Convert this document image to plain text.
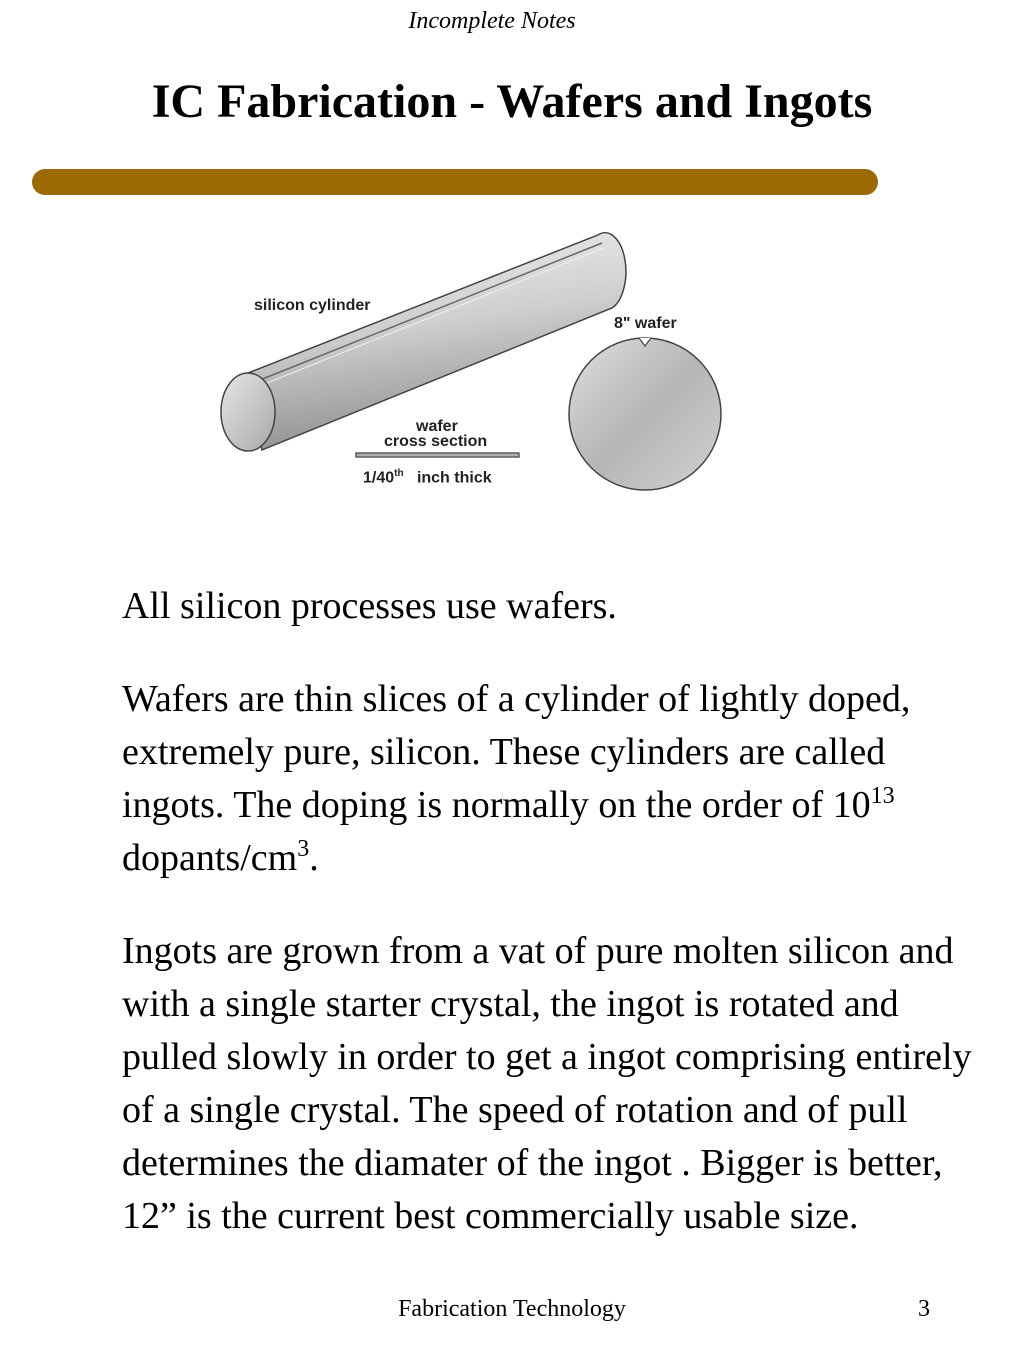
Incomplete Notes
IC Fabrication - Wafers and Ingots
silicon cylinder
8" wafer
wafer
cross section
1/40th inch thick

All silicon processes use wafers.

Wafers are thin slices of a cylinder of lightly doped, extremely pure, silicon. These cylinders are called ingots. The doping is normally on the order of $10^{13}$ dopants/$cm^3$.

Ingots are grown from a vat of pure molten silicon and with a single starter crystal, the ingot is rotated and pulled slowly in order to get a ingot comprising entirely of a single crystal. The speed of rotation and of pull determines the diamater of the ingot . Bigger is better, 12” is the current best commercially usable size.

Fabrication Technology	3
